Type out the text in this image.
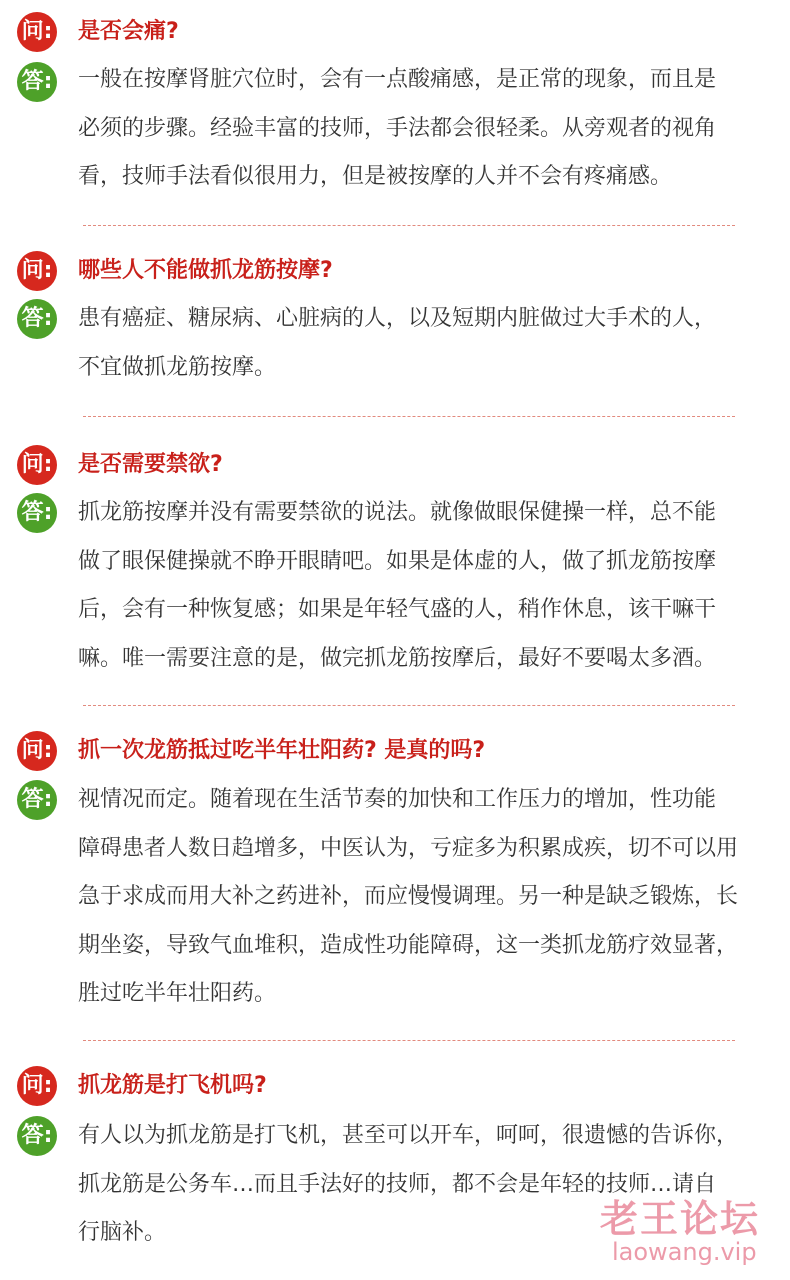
问: 是否会痛?
答: 一般在按摩肾脏穴位时，会有一点酸痛感，是正常的现象，而且是
必须的步骤。经验丰富的技师，手法都会很轻柔。从旁观者的视角
看，技师手法看似很用力，但是被按摩的人并不会有疼痛感。
问: 哪些人不能做抓龙筋按摩?
答: 患有癌症、糖尿病、心脏病的人，以及短期内脏做过大手术的人，
不宜做抓龙筋按摩。
问: 是否需要禁欲?
答: 抓龙筋按摩并没有需要禁欲的说法。就像做眼保健操一样，总不能
做了眼保健操就不睁开眼睛吧。如果是体虚的人，做了抓龙筋按摩
后，会有一种恢复感；如果是年轻气盛的人，稍作休息，该干嘛干
嘛。唯一需要注意的是，做完抓龙筋按摩后，最好不要喝太多酒。
问: 抓一次龙筋抵过吃半年壮阳药? 是真的吗?
答: 视情况而定。随着现在生活节奏的加快和工作压力的增加，性功能
障碍患者人数日趋增多，中医认为，亏症多为积累成疾，切不可以用
急于求成而用大补之药进补，而应慢慢调理。另一种是缺乏锻炼，长
期坐姿，导致气血堆积，造成性功能障碍，这一类抓龙筋疗效显著，
胜过吃半年壮阳药。
问: 抓龙筋是打飞机吗?
答: 有人以为抓龙筋是打飞机，甚至可以开车，呵呵，很遗憾的告诉你，
抓龙筋是公务车…而且手法好的技师，都不会是年轻的技师…请自
行脑补。	老王论坛
laowang.vip
